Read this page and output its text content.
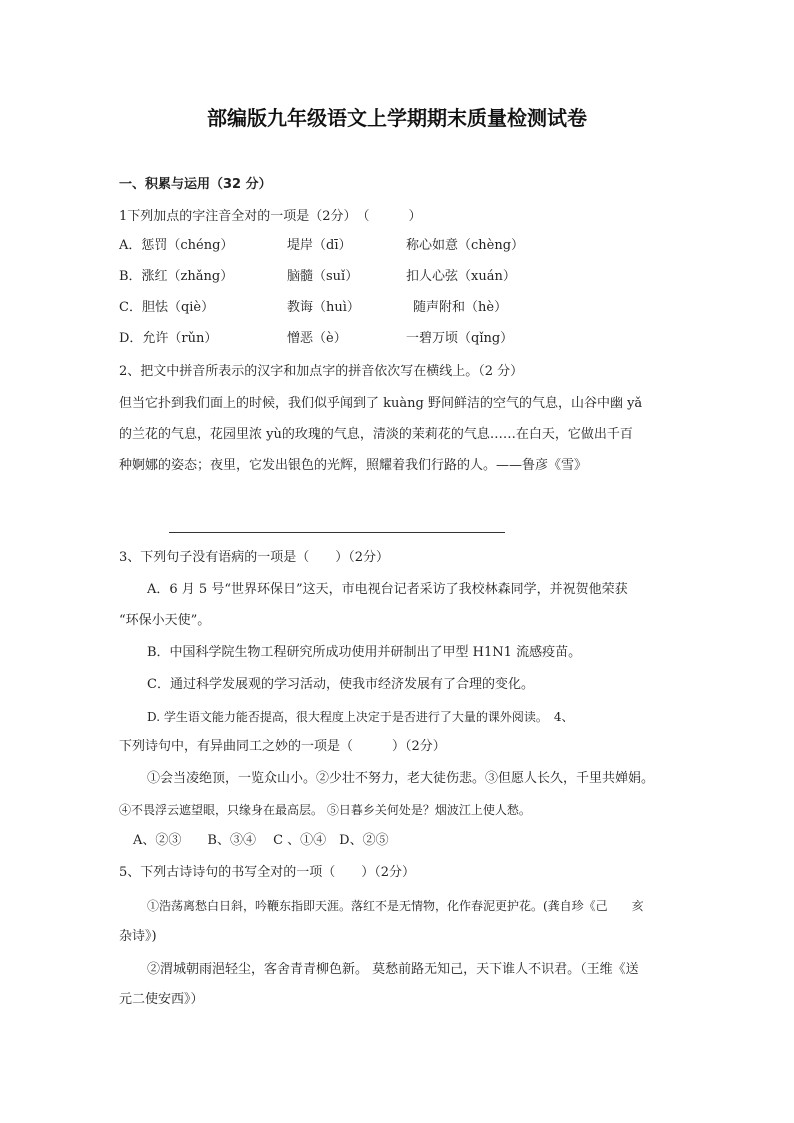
部编版九年级语文上学期期末质量检测试卷
一、积累与运用（32 分）
1下列加点的字注音全对的一项是（2分）　（　　　）
A．惩罚（chéng）	堤岸（dī）	称心如意（chèng）
B．涨红（zhǎng）	脑髓（suǐ）	扣人心弦（xuán）
C．胆怯（qiè）	教诲（huì）	随声附和（hè）
D．允许（rǔn）	憎恶（è）	一碧万顷（qǐng）
2、把文中拼音所表示的汉字和加点字的拼音依次写在横线上。（2 分）
但当它扑到我们面上的时候，我们似乎闻到了 kuàng 野间鲜洁的空气的气息，山谷中幽 yǎ
的兰花的气息，花园里浓 yù的玫瑰的气息，清淡的茉莉花的气息……在白天，它做出千百
种婀娜的姿态；夜里，它发出银色的光辉，照耀着我们行路的人。——鲁彦《雪》
3、下列句子没有语病的一项是（　　）（2分）
A．6 月 5 号“世界环保日”这天，市电视台记者采访了我校林森同学，并祝贺他荣获
“环保小天使”。
B．中国科学院生物工程研究所成功使用并研制出了甲型 H1N1 流感疫苗。
C．通过科学发展观的学习活动，使我市经济发展有了合理的变化。
D. 学生语文能力能否提高，很大程度上决定于是否进行了大量的课外阅读。　4、
下列诗句中，有异曲同工之妙的一项是（　　　）（2分）
①会当凌绝顶，一览众山小。②少壮不努力，老大徒伤悲。③但愿人长久，千里共婵娟。
④不畏浮云遮望眼，只缘身在最高层。 ⑤日暮乡关何处是？烟波江上使人愁。
A、②③　　B、③④　 C 、①④　D、②⑤
5、下列古诗诗句的书写全对的一项（　　）（2分）
①浩荡离愁白日斜，吟鞭东指即天涯。落红不是无情物，化作春泥更护花。(龚自珍《己　　亥
杂诗》)
②渭城朝雨浥轻尘，客舍青青柳色新。 莫愁前路无知己，天下谁人不识君。（王维《送
元二使安西》）
